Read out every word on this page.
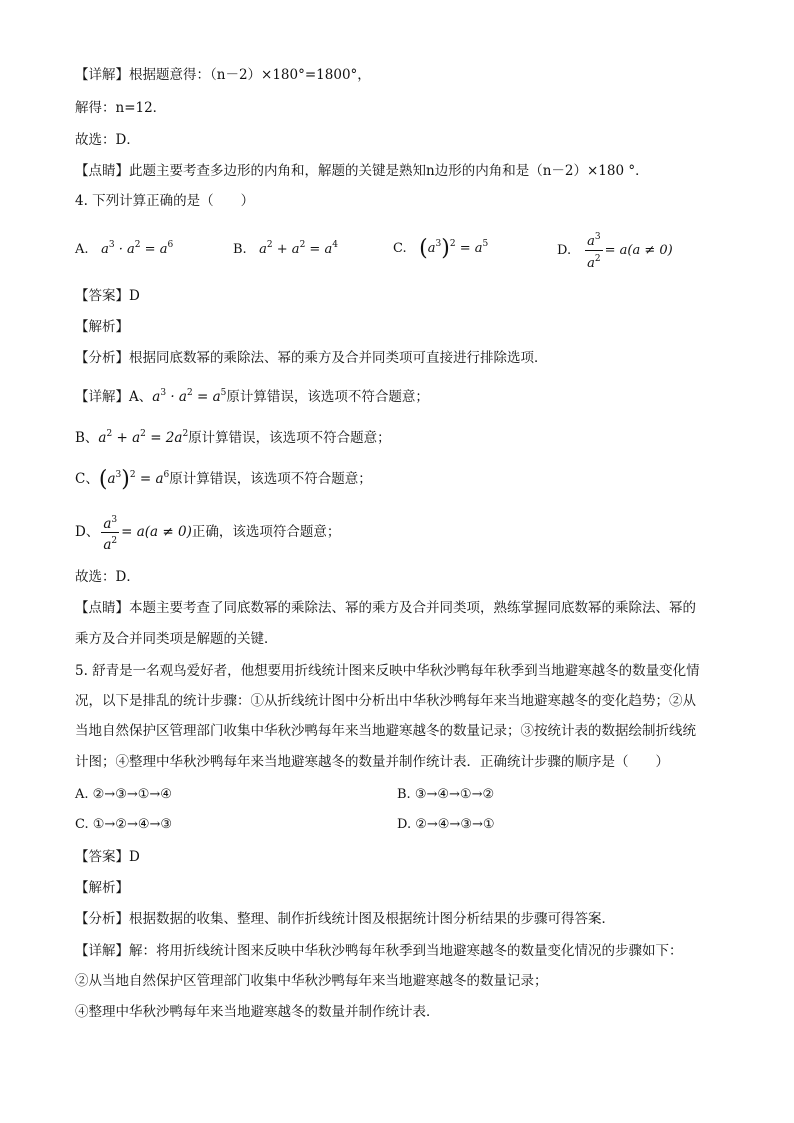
【详解】根据题意得：（n－2）×180°=1800°，
解得：n=12．
故选：D．
【点睛】此题主要考查多边形的内角和，解题的关键是熟知n边形的内角和是（n－2）×180 °．
4. 下列计算正确的是（　　）
A. $a^3 \cdot a^2 = a^6$	B. $a^2 + a^2 = a^4$	C. $(a^3)^2 = a^5$	D. $\frac{a^3}{a^2} = a(a \ne 0)$
【答案】D
【解析】
【分析】根据同底数幂的乘除法、幂的乘方及合并同类项可直接进行排除选项．
【详解】A、$a^3 \cdot a^2 = a^5$原计算错误，该选项不符合题意；
B、$a^2 + a^2 = 2a^2$原计算错误，该选项不符合题意；
C、$(a^3)^2 = a^6$原计算错误，该选项不符合题意；
D、 $\frac{a^3}{a^2} = a(a \ne 0)$正确，该选项符合题意；
故选：D．
【点睛】本题主要考查了同底数幂的乘除法、幂的乘方及合并同类项，熟练掌握同底数幂的乘除法、幂的
乘方及合并同类项是解题的关键．
5. 舒青是一名观鸟爱好者，他想要用折线统计图来反映中华秋沙鸭每年秋季到当地避寒越冬的数量变化情
况，以下是排乱的统计步骤：①从折线统计图中分析出中华秋沙鸭每年来当地避寒越冬的变化趋势；②从
当地自然保护区管理部门收集中华秋沙鸭每年来当地避寒越冬的数量记录；③按统计表的数据绘制折线统
计图；④整理中华秋沙鸭每年来当地避寒越冬的数量并制作统计表．正确统计步骤的顺序是（　　）
A. ②→③→①→④	B. ③→④→①→②
C. ①→②→④→③	D. ②→④→③→①
【答案】D
【解析】
【分析】根据数据的收集、整理、制作折线统计图及根据统计图分析结果的步骤可得答案．
【详解】解：将用折线统计图来反映中华秋沙鸭每年秋季到当地避寒越冬的数量变化情况的步骤如下：
②从当地自然保护区管理部门收集中华秋沙鸭每年来当地避寒越冬的数量记录；
④整理中华秋沙鸭每年来当地避寒越冬的数量并制作统计表．
